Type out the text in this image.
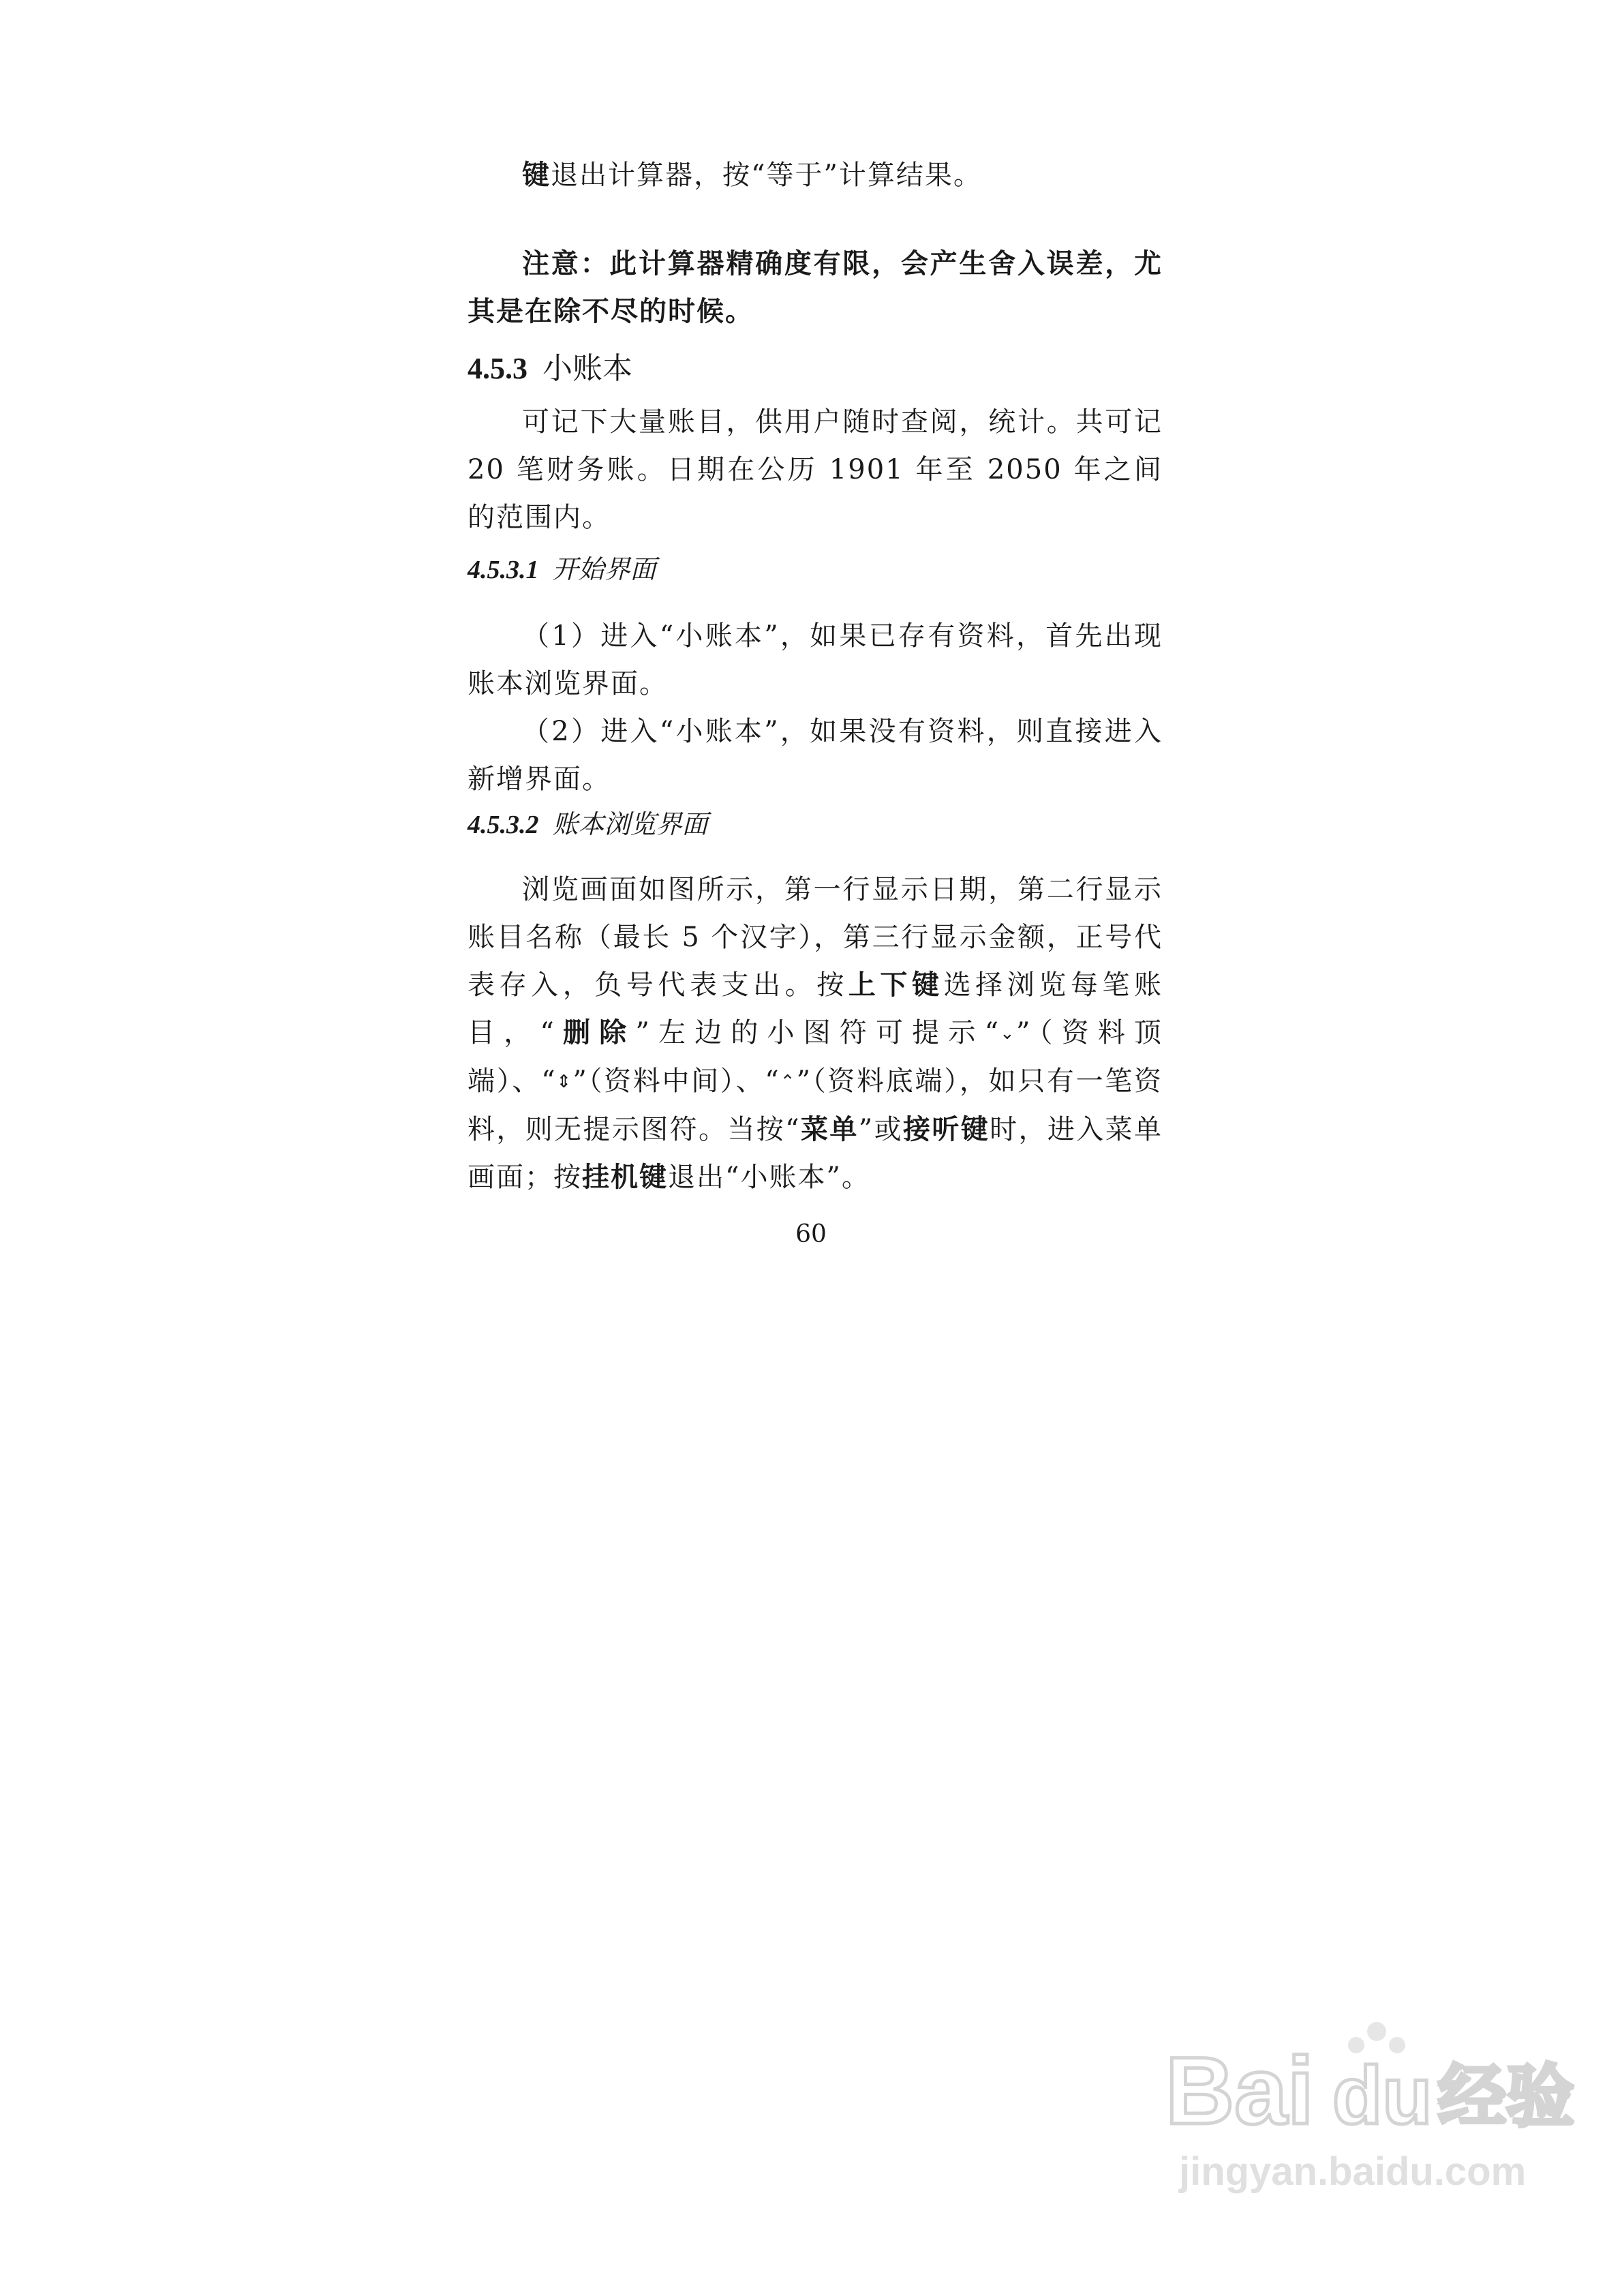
键退出计算器，按“等于”计算结果。

注意：此计算器精确度有限，会产生舍入误差，尤其是在除不尽的时候。

4.5.3 小账本

可记下大量账目，供用户随时查阅，统计。共可记 20 笔财务账。日期在公历 1901 年至 2050 年之间的范围内。

4.5.3.1 开始界面

（1）进入“小账本”，如果已存有资料，首先出现账本浏览界面。

（2）进入“小账本”，如果没有资料，则直接进入新增界面。

4.5.3.2 账本浏览界面

浏览画面如图所示，第一行显示日期，第二行显示账目名称（最长 5 个汉字），第三行显示金额，正号代表存入，负号代表支出。按上下键选择浏览每笔账目，“删除”左边的小图符可提示“⌄”（资料顶端）、“⇕”（资料中间）、“⌃”（资料底端），如只有一笔资料，则无提示图符。当按“菜单”或接听键时，进入菜单画面；按挂机键退出“小账本”。

60
Bai du 经验
jingyan.baidu.com
